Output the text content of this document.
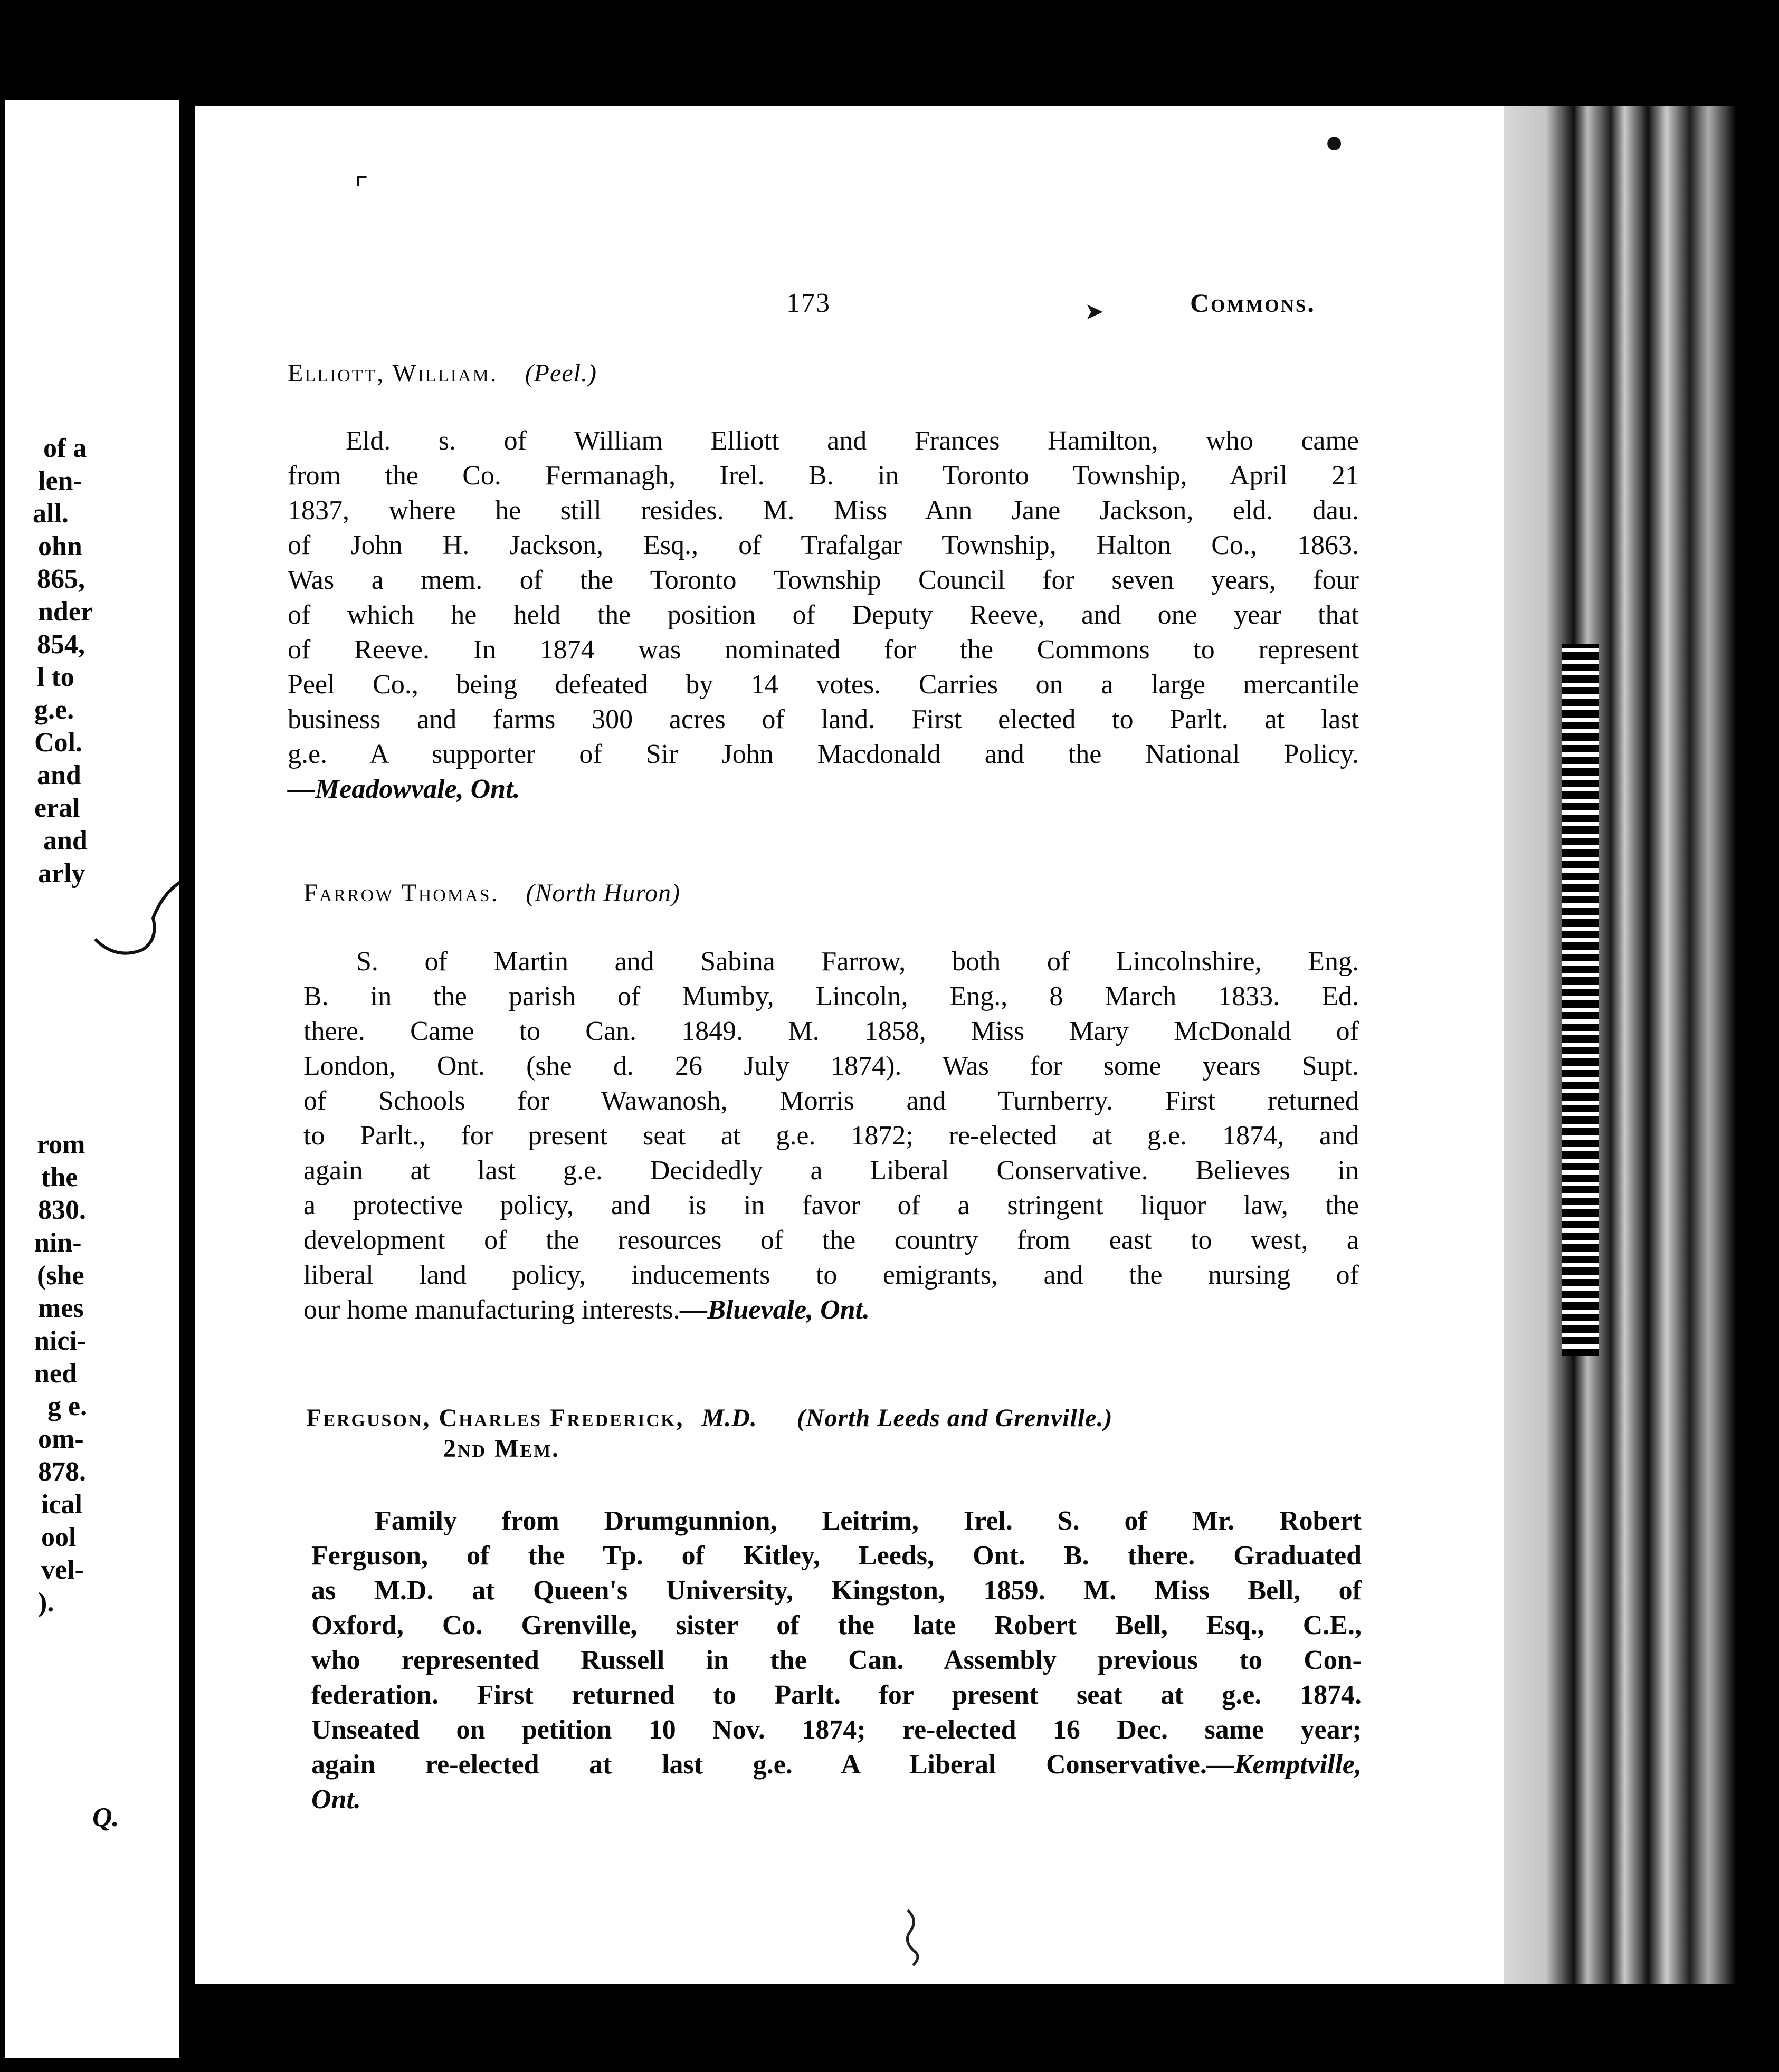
of a
len-
all.
ohn
865,
nder
854,
l to
g.e.
Col.
and
eral
and
arly
rom
the
830.
nin-
(she
mes
nici-
ned
g e.
om-
878.
ical
ool
vel-
).
Q.
⌜
●
➤
173	Commons.
Elliott, William. (Peel.)
Eld. s. of William Elliott and Frances Hamilton, who came
from the Co. Fermanagh, Irel. B. in Toronto Township, April 21
1837, where he still resides. M. Miss Ann Jane Jackson, eld. dau.
of John H. Jackson, Esq., of Trafalgar Township, Halton Co., 1863.
Was a mem. of the Toronto Township Council for seven years, four
of which he held the position of Deputy Reeve, and one year that
of Reeve. In 1874 was nominated for the Commons to represent
Peel Co., being defeated by 14 votes. Carries on a large mercantile
business and farms 300 acres of land. First elected to Parlt. at last
g.e. A supporter of Sir John Macdonald and the National Policy.
—Meadowvale, Ont.
Farrow Thomas. (North Huron)
S. of Martin and Sabina Farrow, both of Lincolnshire, Eng.
B. in the parish of Mumby, Lincoln, Eng., 8 March 1833. Ed.
there. Came to Can. 1849. M. 1858, Miss Mary McDonald of
London, Ont. (she d. 26 July 1874). Was for some years Supt.
of Schools for Wawanosh, Morris and Turnberry. First returned
to Parlt., for present seat at g.e. 1872; re-elected at g.e. 1874, and
again at last g.e. Decidedly a Liberal Conservative. Believes in
a protective policy, and is in favor of a stringent liquor law, the
development of the resources of the country from east to west, a
liberal land policy, inducements to emigrants, and the nursing of
our home manufacturing interests.—Bluevale, Ont.
Ferguson, Charles Frederick, M.D. (North Leeds and Grenville.)
2nd Mem.
Family from Drumgunnion, Leitrim, Irel. S. of Mr. Robert
Ferguson, of the Tp. of Kitley, Leeds, Ont. B. there. Graduated
as M.D. at Queen's University, Kingston, 1859. M. Miss Bell, of
Oxford, Co. Grenville, sister of the late Robert Bell, Esq., C.E.,
who represented Russell in the Can. Assembly previous to Con-
federation. First returned to Parlt. for present seat at g.e. 1874.
Unseated on petition 10 Nov. 1874; re-elected 16 Dec. same year;
again re-elected at last g.e. A Liberal Conservative.—Kemptville,
Ont.
